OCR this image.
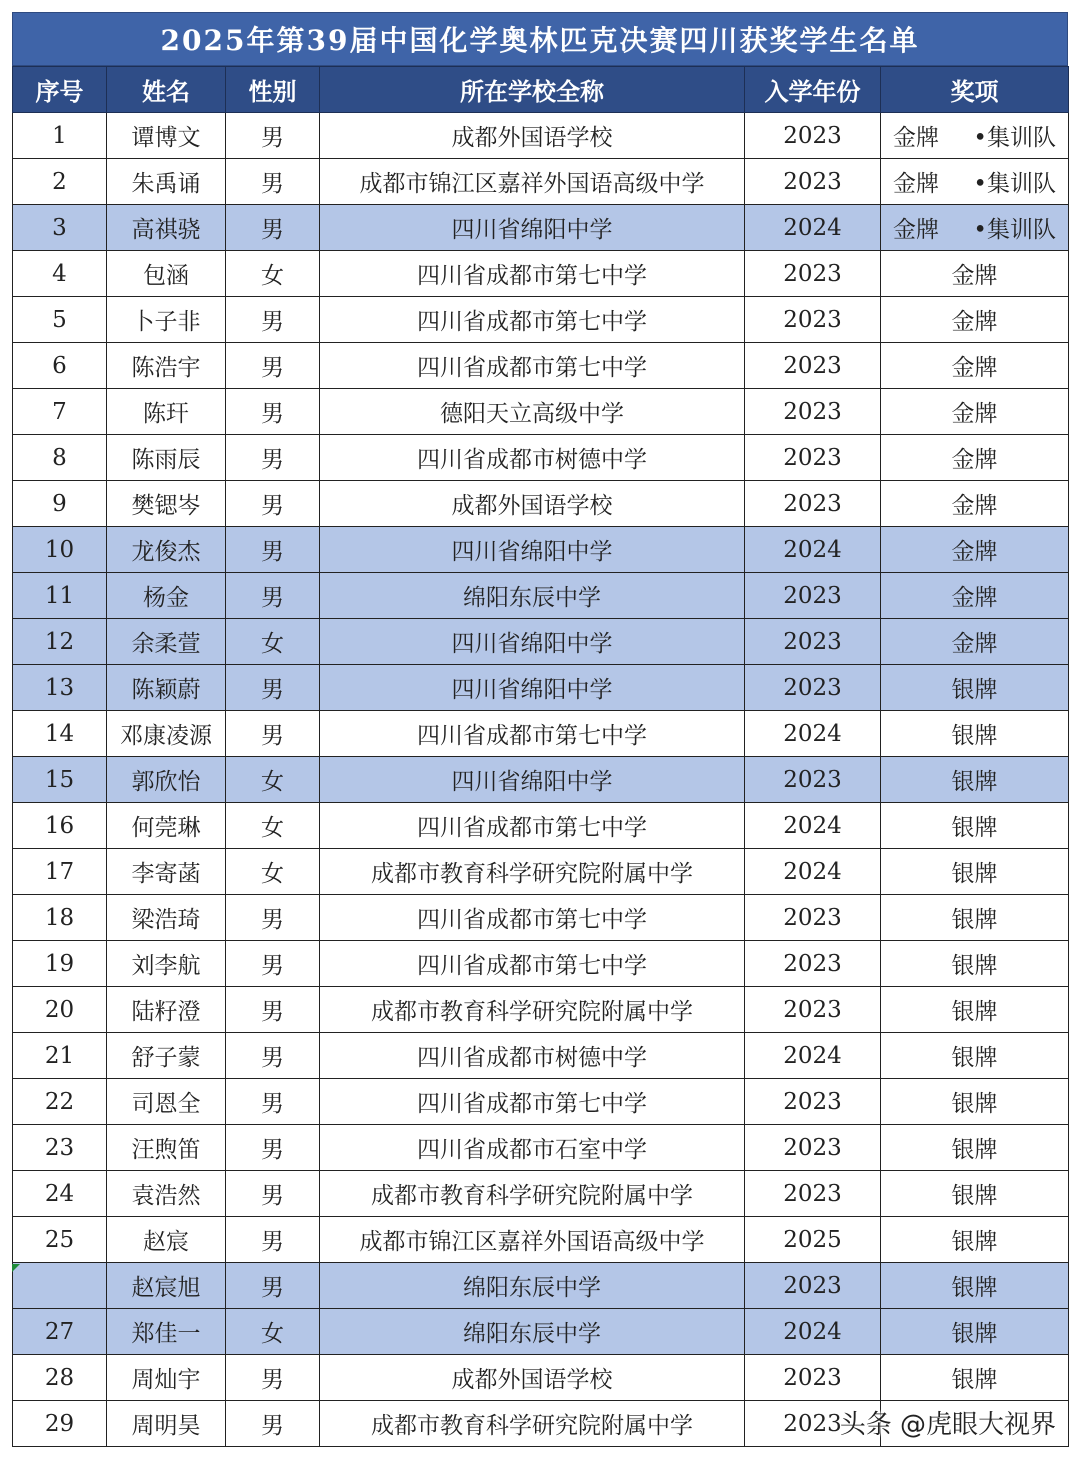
2025年第39届中国化学奥林匹克决赛四川获奖学生名单
序号	姓名	性别	所在学校全称	入学年份	奖项
1	谭博文	男	成都外国语学校	2023	金牌 •集训队

2	朱禹诵	男	成都市锦江区嘉祥外国语高级中学	2023	金牌 •集训队

3	高祺骁	男	四川省绵阳中学	2024	金牌 •集训队

4	包涵	女	四川省成都市第七中学	2023	金牌
5	卜子非	男	四川省成都市第七中学	2023	金牌
6	陈浩宇	男	四川省成都市第七中学	2023	金牌
7	陈玕	男	德阳天立高级中学	2023	金牌
8	陈雨辰	男	四川省成都市树德中学	2023	金牌
9	樊锶岑	男	成都外国语学校	2023	金牌
10	龙俊杰	男	四川省绵阳中学	2024	金牌
11	杨金	男	绵阳东辰中学	2023	金牌
12	余柔萱	女	四川省绵阳中学	2023	金牌
13	陈颖蔚	男	四川省绵阳中学	2023	银牌
14	邓康凌源	男	四川省成都市第七中学	2024	银牌
15	郭欣怡	女	四川省绵阳中学	2023	银牌
16	何莞琳	女	四川省成都市第七中学	2024	银牌
17	李寄菡	女	成都市教育科学研究院附属中学	2024	银牌
18	梁浩琦	男	四川省成都市第七中学	2023	银牌
19	刘李航	男	四川省成都市第七中学	2023	银牌
20	陆籽澄	男	成都市教育科学研究院附属中学	2023	银牌
21	舒子蒙	男	四川省成都市树德中学	2024	银牌
22	司恩全	男	四川省成都市第七中学	2023	银牌
23	汪煦笛	男	四川省成都市石室中学	2023	银牌
24	袁浩然	男	成都市教育科学研究院附属中学	2023	银牌
25	赵宸	男	成都市锦江区嘉祥外国语高级中学	2025	银牌
	赵宸旭	男	绵阳东辰中学	2023	银牌
27	郑佳一	女	绵阳东辰中学	2024	银牌
28	周灿宇	男	成都外国语学校	2023	银牌
29	周明昊	男	成都市教育科学研究院附属中学	2023	
头条 @虎眼大视界
